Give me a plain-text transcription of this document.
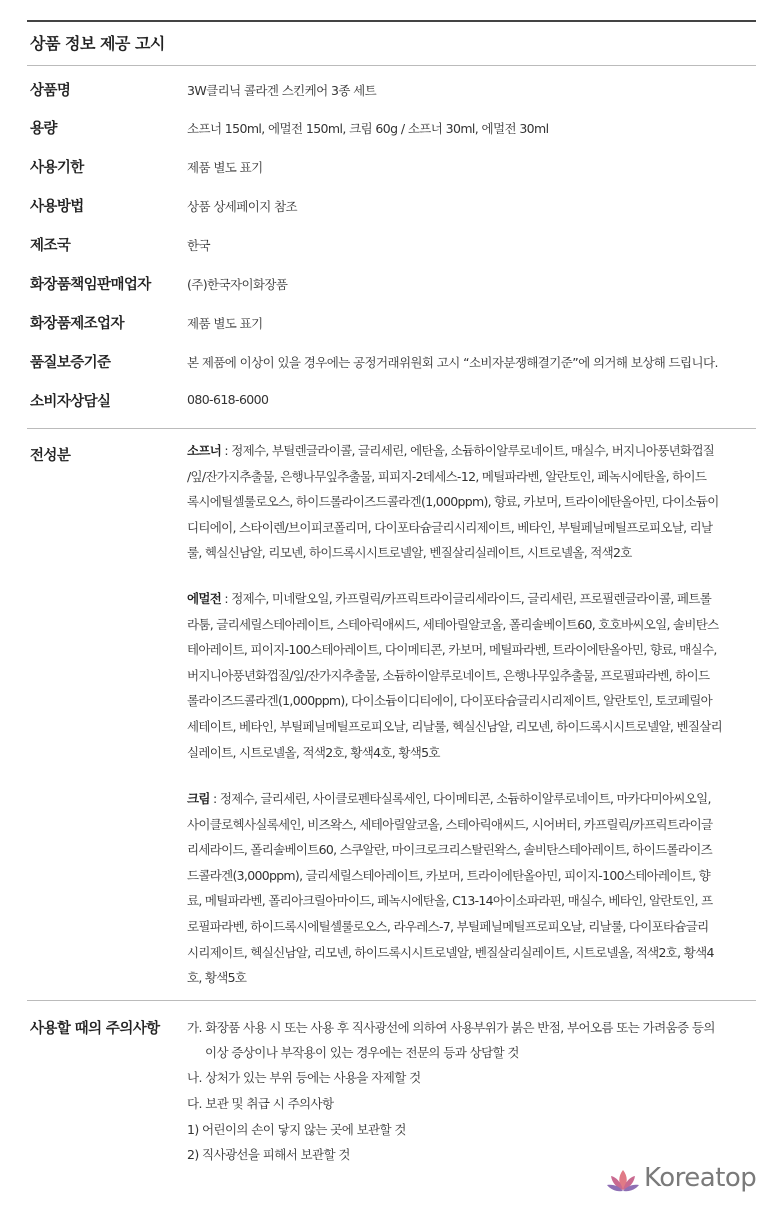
상품 정보 제공 고시
상품명	3W클리닉 콜라겐 스킨케어 3종 세트
용량	소프너 150ml, 에멀전 150ml, 크림 60g / 소프너 30ml, 에멀전 30ml
사용기한	제품 별도 표기
사용방법	상품 상세페이지 참조
제조국	한국
화장품책임판매업자	(주)한국자이화장품
화장품제조업자	제품 별도 표기
품질보증기준	본 제품에 이상이 있을 경우에는 공정거래위원회 고시 “소비자분쟁해결기준”에 의거해 보상해 드립니다.
소비자상담실	080-618-6000
전성분	소프너 : 정제수, 부틸렌글라이콜, 글리세린, 에탄올, 소듐하이알루로네이트, 매실수, 버지니아풍년화껍질
/잎/잔가지추출물, 은행나무잎추출물, 피피지-2데세스-12, 메틸파라벤, 알란토인, 페녹시에탄올, 하이드
록시에틸셀룰로오스, 하이드롤라이즈드콜라겐(1,000ppm), 향료, 카보머, 트라이에탄올아민, 다이소듐이
디티에이, 스타이렌/브이피코폴리머, 다이포타슘글리시리제이트, 베타인, 부틸페닐메틸프로피오날, 리날
룰, 헥실신남알, 리모넨, 하이드록시시트로넬알, 벤질살리실레이트, 시트로넬올, 적색2호
에멀전 : 정제수, 미네랄오일, 카프릴릭/카프릭트라이글리세라이드, 글리세린, 프로필렌글라이콜, 페트롤
라툼, 글리세릴스테아레이트, 스테아릭애씨드, 세테아릴알코올, 폴리솔베이트60, 호호바씨오일, 솔비탄스
테아레이트, 피이지-100스테아레이트, 다이메티콘, 카보머, 메틸파라벤, 트라이에탄올아민, 향료, 매실수,
버지니아풍년화껍질/잎/잔가지추출물, 소듐하이알루로네이트, 은행나무잎추출물, 프로필파라벤, 하이드
롤라이즈드콜라겐(1,000ppm), 다이소듐이디티에이, 다이포타슘글리시리제이트, 알란토인, 토코페릴아
세테이트, 베타인, 부틸페닐메틸프로피오날, 리날룰, 헥실신남알, 리모넨, 하이드록시시트로넬알, 벤질살리
실레이트, 시트로넬올, 적색2호, 황색4호, 황색5호
크림 : 정제수, 글리세린, 사이클로펜타실록세인, 다이메티콘, 소듐하이알루로네이트, 마카다미아씨오일,
사이클로헥사실록세인, 비즈왁스, 세테아릴알코올, 스테아릭애씨드, 시어버터, 카프릴릭/카프릭트라이글
리세라이드, 폴리솔베이트60, 스쿠알란, 마이크로크리스탈린왁스, 솔비탄스테아레이트, 하이드롤라이즈
드콜라겐(3,000ppm), 글리세릴스테아레이트, 카보머, 트라이에탄올아민, 피이지-100스테아레이트, 향
료, 메틸파라벤, 폴리아크릴아마이드, 페녹시에탄올, C13-14아이소파라핀, 매실수, 베타인, 알란토인, 프
로필파라벤, 하이드록시에틸셀룰로오스, 라우레스-7, 부틸페닐메틸프로피오날, 리날룰, 다이포타슘글리
시리제이트, 헥실신남알, 리모넨, 하이드록시시트로넬알, 벤질살리실레이트, 시트로넬올, 적색2호, 황색4
호, 황색5호
사용할 때의 주의사항 가. 화장품 사용 시 또는 사용 후 직사광선에 의하여 사용부위가 붉은 반점, 부어오름 또는 가려움증 등의
이상 증상이나 부작용이 있는 경우에는 전문의 등과 상담할 것
나. 상처가 있는 부위 등에는 사용을 자제할 것
다. 보관 및 취급 시 주의사항
1) 어린이의 손이 닿지 않는 곳에 보관할 것
2) 직사광선을 피해서 보관할 것
Koreatop
